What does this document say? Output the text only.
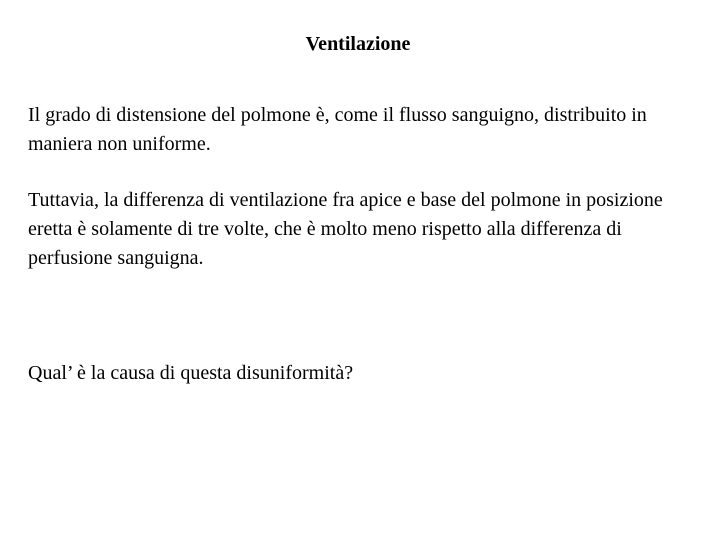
Ventilazione

Il grado di distensione del polmone è, come il flusso sanguigno, distribuito in maniera non uniforme.

Tuttavia, la differenza di ventilazione fra apice e base del polmone in posizione eretta è solamente di tre volte, che è molto meno rispetto alla differenza di perfusione sanguigna.

Qual’ è la causa di questa disuniformità?
